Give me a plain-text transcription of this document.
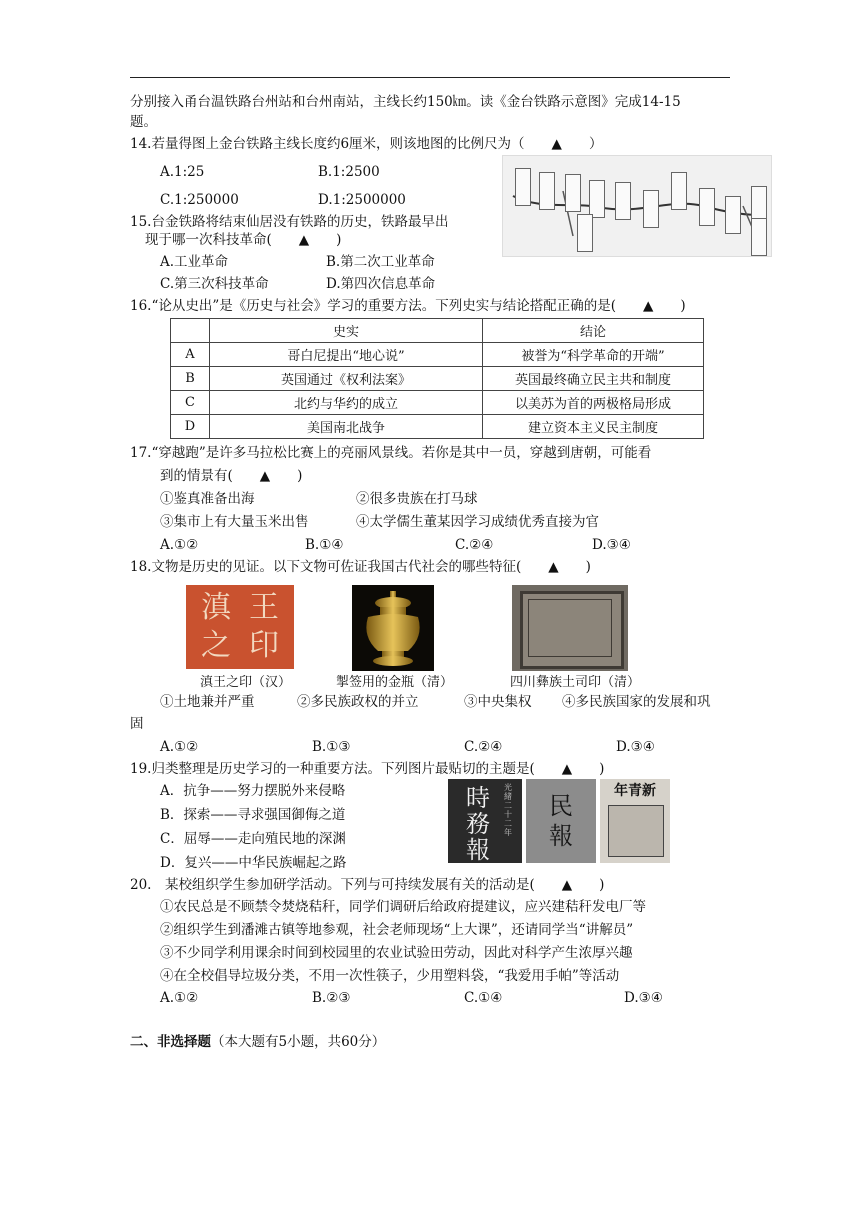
分别接入甬台温铁路台州站和台州南站，主线长约150㎞。读《金台铁路示意图》完成14-15
题。
14.若量得图上金台铁路主线长度约6厘米，则该地图的比例尺为（　　▲　　）
A.1:25	B.1:2500
C.1:250000	D.1:2500000
15.台金铁路将结束仙居没有铁路的历史，铁路最早出
现于哪一次科技革命(　　▲　　)
A.工业革命	B.第二次工业革命
C.第三次科技革命	D.第四次信息革命
16.“论从史出”是《历史与社会》学习的重要方法。下列史实与结论搭配正确的是(　　▲　　)
	史实	结论
A	哥白尼提出“地心说”	被誉为“科学革命的开端”
B	英国通过《权利法案》	英国最终确立民主共和制度
C	北约与华约的成立	以美苏为首的两极格局形成
D	美国南北战争	建立资本主义民主制度
17.“穿越跑”是许多马拉松比赛上的亮丽风景线。若你是其中一员，穿越到唐朝，可能看
到的情景有(　　▲　　)
①鉴真准备出海	②很多贵族在打马球
③集市上有大量玉米出售	④太学儒生董某因学习成绩优秀直接为官
A.①②	B.①④	C.②④	D.③④
18.文物是历史的见证。以下文物可佐证我国古代社会的哪些特征(　　▲　　)
滇 王
之 印
滇王之印（汉）	掣签用的金瓶（清）	四川彝族土司印（清）
①土地兼并严重	②多民族政权的并立	③中央集权 ④多民族国家的发展和巩
固
A.①②	B.①③	C.②④	D.③④
19.归类整理是历史学习的一种重要方法。下列图片最贴切的主题是(　　▲　　)
A．抗争——努力摆脱外来侵略
B．探索——寻求强国御侮之道
C．屈辱——走向殖民地的深渊
D．复兴——中华民族崛起之路
時務報
光緒二十二年
民報
新青年
20.　某校组织学生参加研学活动。下列与可持续发展有关的活动是(　　▲　　)
①农民总是不顾禁令焚烧秸秆，同学们调研后给政府提建议，应兴建秸秆发电厂等
②组织学生到潘滩古镇等地参观，社会老师现场“上大课”，还请同学当“讲解员”
③不少同学利用课余时间到校园里的农业试验田劳动，因此对科学产生浓厚兴趣
④在全校倡导垃圾分类，不用一次性筷子，少用塑料袋，“我爱用手帕”等活动
A.①②	B.②③	C.①④	D.③④
二、非选择题（本大题有5小题，共60分）
